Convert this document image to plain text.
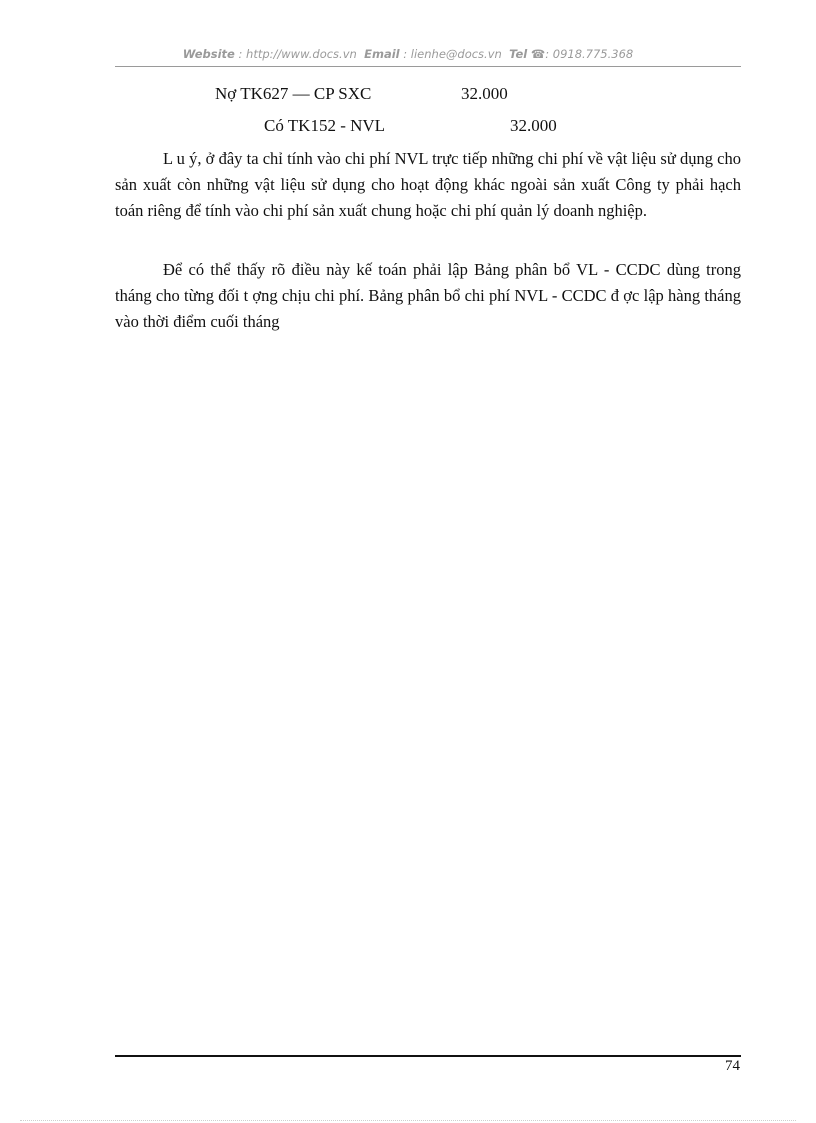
Website : http://www.docs.vn Email : lienhe@docs.vn Tel ☎: 0918.775.368
Nợ TK627 — CP SXC	32.000
Có TK152 - NVL	32.000

L u ý, ở đây ta chỉ tính vào chi phí NVL trực tiếp những chi phí về vật liệu sử dụng cho sản xuất còn những vật liệu sử dụng cho hoạt động khác ngoài sản xuất Công ty phải hạch toán riêng để tính vào chi phí sản xuất chung hoặc chi phí quản lý doanh nghiệp.

Để có thể thấy rõ điều này kế toán phải lập Bảng phân bổ VL - CCDC dùng trong tháng cho từng đối t ợng chịu chi phí. Bảng phân bổ chi phí NVL - CCDC đ ợc lập hàng tháng vào thời điểm cuối tháng

74
